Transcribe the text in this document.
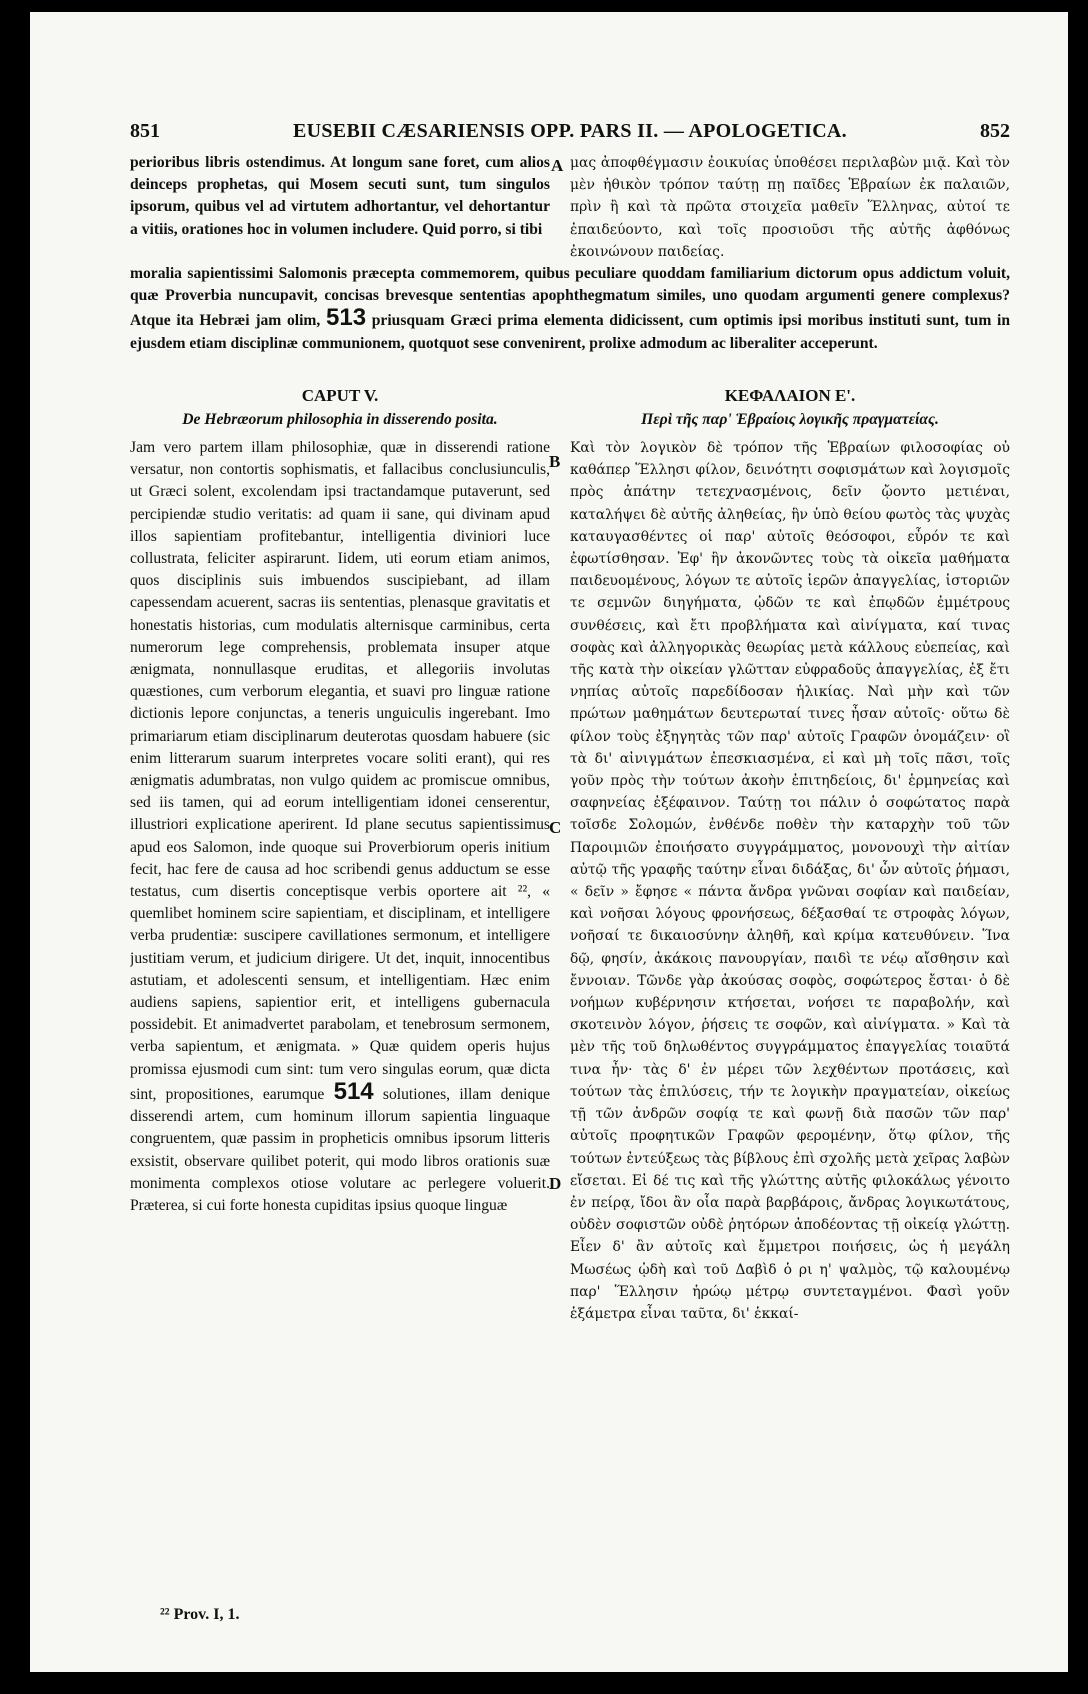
851	EUSEBII CÆSARIENSIS OPP. PARS II. — APOLOGETICA.	852

perioribus libris ostendimus. At longum sane foret, cum alios deinceps prophetas, qui Mosem secuti sunt, tum singulos ipsorum, quibus vel ad virtutem adhortantur, vel dehortantur a vitiis, orationes hoc in volumen includere. Quid porro, si tibi

A μας ἀποφθέγμασιν ἐοικυίας ὑποθέσει περιλαβὼν μιᾷ. Καὶ τὸν μὲν ἠθικὸν τρόπον ταύτῃ πῃ παῖδες Ἑβραίων ἐκ παλαιῶν, πρὶν ἢ καὶ τὰ πρῶτα στοιχεῖα μαθεῖν Ἕλληνας, αὐτοί τε ἐπαιδεύοντο, καὶ τοῖς προσιοῦσι τῆς αὐτῆς ἀφθόνως ἐκοινώνουν παιδείας.

moralia sapientissimi Salomonis præcepta commemorem, quibus peculiare quoddam familiarium dictorum opus addictum voluit, quæ Proverbia nuncupavit, concisas brevesque sententias apophthegmatum similes, uno quodam argumenti genere complexus? Atque ita Hebræi jam olim, 513 priusquam Græci prima elementa didicissent, cum optimis ipsi moribus instituti sunt, tum in ejusdem etiam disciplinæ communionem, quotquot sese convenirent, prolixe admodum ac liberaliter acceperunt.
CAPUT V.	ΚΕΦΑΛΑΙΟΝ Ε'.
De Hebræorum philosophia in disserendo posita.	Περὶ τῆς παρ' Ἑβραίοις λογικῆς πραγματείας.

Jam vero partem illam philosophiæ, quæ in disserendi ratione versatur, non contortis sophismatis, et fallacibus conclusiunculis, ut Græci solent, excolendam ipsi tractandamque putaverunt, sed percipiendæ studio veritatis: ad quam ii sane, qui divinam apud illos sapientiam profitebantur, intelligentia diviniori luce collustrata, feliciter aspirarunt. Iidem, uti eorum etiam animos, quos disciplinis suis imbuendos suscipiebant, ad illam capessendam acuerent, sacras iis sententias, plenasque gravitatis et honestatis historias, cum modulatis alternisque carminibus, certa numerorum lege comprehensis, problemata insuper atque ænigmata, nonnullasque eruditas, et allegoriis involutas quæstiones, cum verborum elegantia, et suavi pro linguæ ratione dictionis lepore conjunctas, a teneris unguiculis ingerebant. Imo primariarum etiam disciplinarum deuterotas quosdam habuere (sic enim litterarum suarum interpretes vocare soliti erant), qui res ænigmatis adumbratas, non vulgo quidem ac promiscue omnibus, sed iis tamen, qui ad eorum intelligentiam idonei censerentur, illustriori explicatione aperirent. Id plane secutus sapientissimus apud eos Salomon, inde quoque sui Proverbiorum operis initium fecit, hac fere de causa ad hoc scribendi genus adductum se esse testatus, cum disertis conceptisque verbis oportere ait ²², « quemlibet hominem scire sapientiam, et disciplinam, et intelligere verba prudentiæ: suscipere cavillationes sermonum, et intelligere justitiam verum, et judicium dirigere. Ut det, inquit, innocentibus astutiam, et adolescenti sensum, et intelligentiam. Hæc enim audiens sapiens, sapientior erit, et intelligens gubernacula possidebit. Et animadvertet parabolam, et tenebrosum sermonem, verba sapientum, et ænigmata. » Quæ quidem operis hujus promissa ejusmodi cum sint: tum vero singulas eorum, quæ dicta sint, propositiones, earumque 514 solutiones, illam denique disserendi artem, cum hominum illorum sapientia linguaque congruentem, quæ passim in propheticis omnibus ipsorum litteris exsistit, observare quilibet poterit, qui modo libros orationis suæ monimenta complexos otiose volutare ac perlegere voluerit. Præterea, si cui forte honesta cupiditas ipsius quoque linguæ

B
C
D

Καὶ τὸν λογικὸν δὲ τρόπον τῆς Ἑβραίων φιλοσοφίας οὐ καθάπερ Ἕλλησι φίλον, δεινότητι σοφισμάτων καὶ λογισμοῖς πρὸς ἀπάτην τετεχνασμένοις, δεῖν ᾤοντο μετιέναι, καταλήψει δὲ αὐτῆς ἀληθείας, ἣν ὑπὸ θείου φωτὸς τὰς ψυχὰς καταυγασθέντες οἱ παρ' αὐτοῖς θεόσοφοι, εὗρόν τε καὶ ἐφωτίσθησαν. Ἐφ' ἣν ἀκονῶντες τοὺς τὰ οἰκεῖα μαθήματα παιδευομένους, λόγων τε αὐτοῖς ἱερῶν ἀπαγγελίας, ἱστοριῶν τε σεμνῶν διηγήματα, ᾠδῶν τε καὶ ἐπῳδῶν ἐμμέτρους συνθέσεις, καὶ ἔτι προβλήματα καὶ αἰνίγματα, καί τινας σοφὰς καὶ ἀλληγορικὰς θεωρίας μετὰ κάλλους εὐεπείας, καὶ τῆς κατὰ τὴν οἰκείαν γλῶτταν εὐφραδοῦς ἀπαγγελίας, ἐξ ἔτι νηπίας αὐτοῖς παρεδίδοσαν ἡλικίας. Ναὶ μὴν καὶ τῶν πρώτων μαθημάτων δευτερωταί τινες ἦσαν αὐτοῖς· οὕτω δὲ φίλον τοὺς ἐξηγητὰς τῶν παρ' αὐτοῖς Γραφῶν ὀνομάζειν· οἳ τὰ δι' αἰνιγμάτων ἐπεσκιασμένα, εἰ καὶ μὴ τοῖς πᾶσι, τοῖς γοῦν πρὸς τὴν τούτων ἀκοὴν ἐπιτηδείοις, δι' ἑρμηνείας καὶ σαφηνείας ἐξέφαινον. Ταύτῃ τοι πάλιν ὁ σοφώτατος παρὰ τοῖσδε Σολομών, ἐνθένδε ποθὲν τὴν καταρχὴν τοῦ τῶν Παροιμιῶν ἐποιήσατο συγγράμματος, μονονουχὶ τὴν αἰτίαν αὐτῷ τῆς γραφῆς ταύτην εἶναι διδάξας, δι' ὧν αὐτοῖς ῥήμασι, « δεῖν » ἔφησε « πάντα ἄνδρα γνῶναι σοφίαν καὶ παιδείαν, καὶ νοῆσαι λόγους φρονήσεως, δέξασθαί τε στροφὰς λόγων, νοῆσαί τε δικαιοσύνην ἀληθῆ, καὶ κρίμα κατευθύνειν. Ἵνα δῷ, φησίν, ἀκάκοις πανουργίαν, παιδὶ τε νέῳ αἴσθησιν καὶ ἔννοιαν. Τῶνδε γὰρ ἀκούσας σοφὸς, σοφώτερος ἔσται· ὁ δὲ νοήμων κυβέρνησιν κτήσεται, νοήσει τε παραβολήν, καὶ σκοτεινὸν λόγον, ῥήσεις τε σοφῶν, καὶ αἰνίγματα. » Καὶ τὰ μὲν τῆς τοῦ δηλωθέντος συγγράμματος ἐπαγγελίας τοιαῦτά τινα ἦν· τὰς δ' ἐν μέρει τῶν λεχθέντων προτάσεις, καὶ τούτων τὰς ἐπιλύσεις, τήν τε λογικὴν πραγματείαν, οἰκείως τῇ τῶν ἀνδρῶν σοφίᾳ τε καὶ φωνῇ διὰ πασῶν τῶν παρ' αὐτοῖς προφητικῶν Γραφῶν φερομένην, ὅτῳ φίλον, τῆς τούτων ἐντεύξεως τὰς βίβλους ἐπὶ σχολῆς μετὰ χεῖρας λαβὼν εἴσεται. Εἰ δέ τις καὶ τῆς γλώττης αὐτῆς φιλοκάλως γένοιτο ἐν πείρᾳ, ἴδοι ἂν οἷα παρὰ βαρβάροις, ἄνδρας λογικωτάτους, οὐδὲν σοφιστῶν οὐδὲ ῥητόρων ἀποδέοντας τῇ οἰκείᾳ γλώττῃ. Εἶεν δ' ἂν αὐτοῖς καὶ ἔμμετροι ποιήσεις, ὡς ἡ μεγάλη Μωσέως ᾠδὴ καὶ τοῦ Δαβὶδ ὁ ρι η' ψαλμὸς, τῷ καλουμένῳ παρ' Ἕλλησιν ἡρώῳ μέτρῳ συντεταγμένοι. Φασὶ γοῦν ἑξάμετρα εἶναι ταῦτα, δι' ἑκκαί-

²² Prov. I, 1.
